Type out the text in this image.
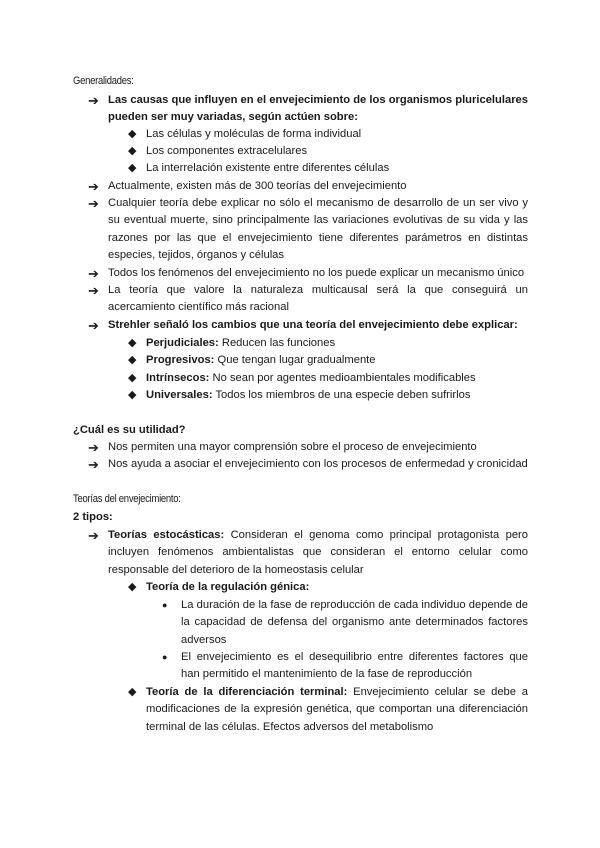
Generalidades:
➔ Las causas que influyen en el envejecimiento de los organismos pluricelulares pueden ser muy variadas, según actúen sobre:
◆ Las células y moléculas de forma individual
◆ Los componentes extracelulares
◆ La interrelación existente entre diferentes células
➔ Actualmente, existen más de 300 teorías del envejecimiento
➔ Cualquier teoría debe explicar no sólo el mecanismo de desarrollo de un ser vivo y su eventual muerte, sino principalmente las variaciones evolutivas de su vida y las razones por las que el envejecimiento tiene diferentes parámetros en distintas especies, tejidos, órganos y células
➔ Todos los fenómenos del envejecimiento no los puede explicar un mecanismo único
➔ La teoría que valore la naturaleza multicausal será la que conseguirá un acercamiento científico más racional
➔ Strehler señaló los cambios que una teoría del envejecimiento debe explicar:
◆ Perjudiciales: Reducen las funciones
◆ Progresivos: Que tengan lugar gradualmente
◆ Intrínsecos: No sean por agentes medioambientales modificables
◆ Universales: Todos los miembros de una especie deben sufrirlos
¿Cuál es su utilidad?
➔ Nos permiten una mayor comprensión sobre el proceso de envejecimiento
➔ Nos ayuda a asociar el envejecimiento con los procesos de enfermedad y cronicidad
Teorías del envejecimiento:
2 tipos:
➔ Teorías estocásticas: Consideran el genoma como principal protagonista pero incluyen fenómenos ambientalistas que consideran el entorno celular como responsable del deterioro de la homeostasis celular
◆ Teoría de la regulación génica:
● La duración de la fase de reproducción de cada individuo depende de la capacidad de defensa del organismo ante determinados factores adversos
● El envejecimiento es el desequilibrio entre diferentes factores que han permitido el mantenimiento de la fase de reproducción
◆ Teoría de la diferenciación terminal: Envejecimiento celular se debe a modificaciones de la expresión genética, que comportan una diferenciación terminal de las células. Efectos adversos del metabolismo
